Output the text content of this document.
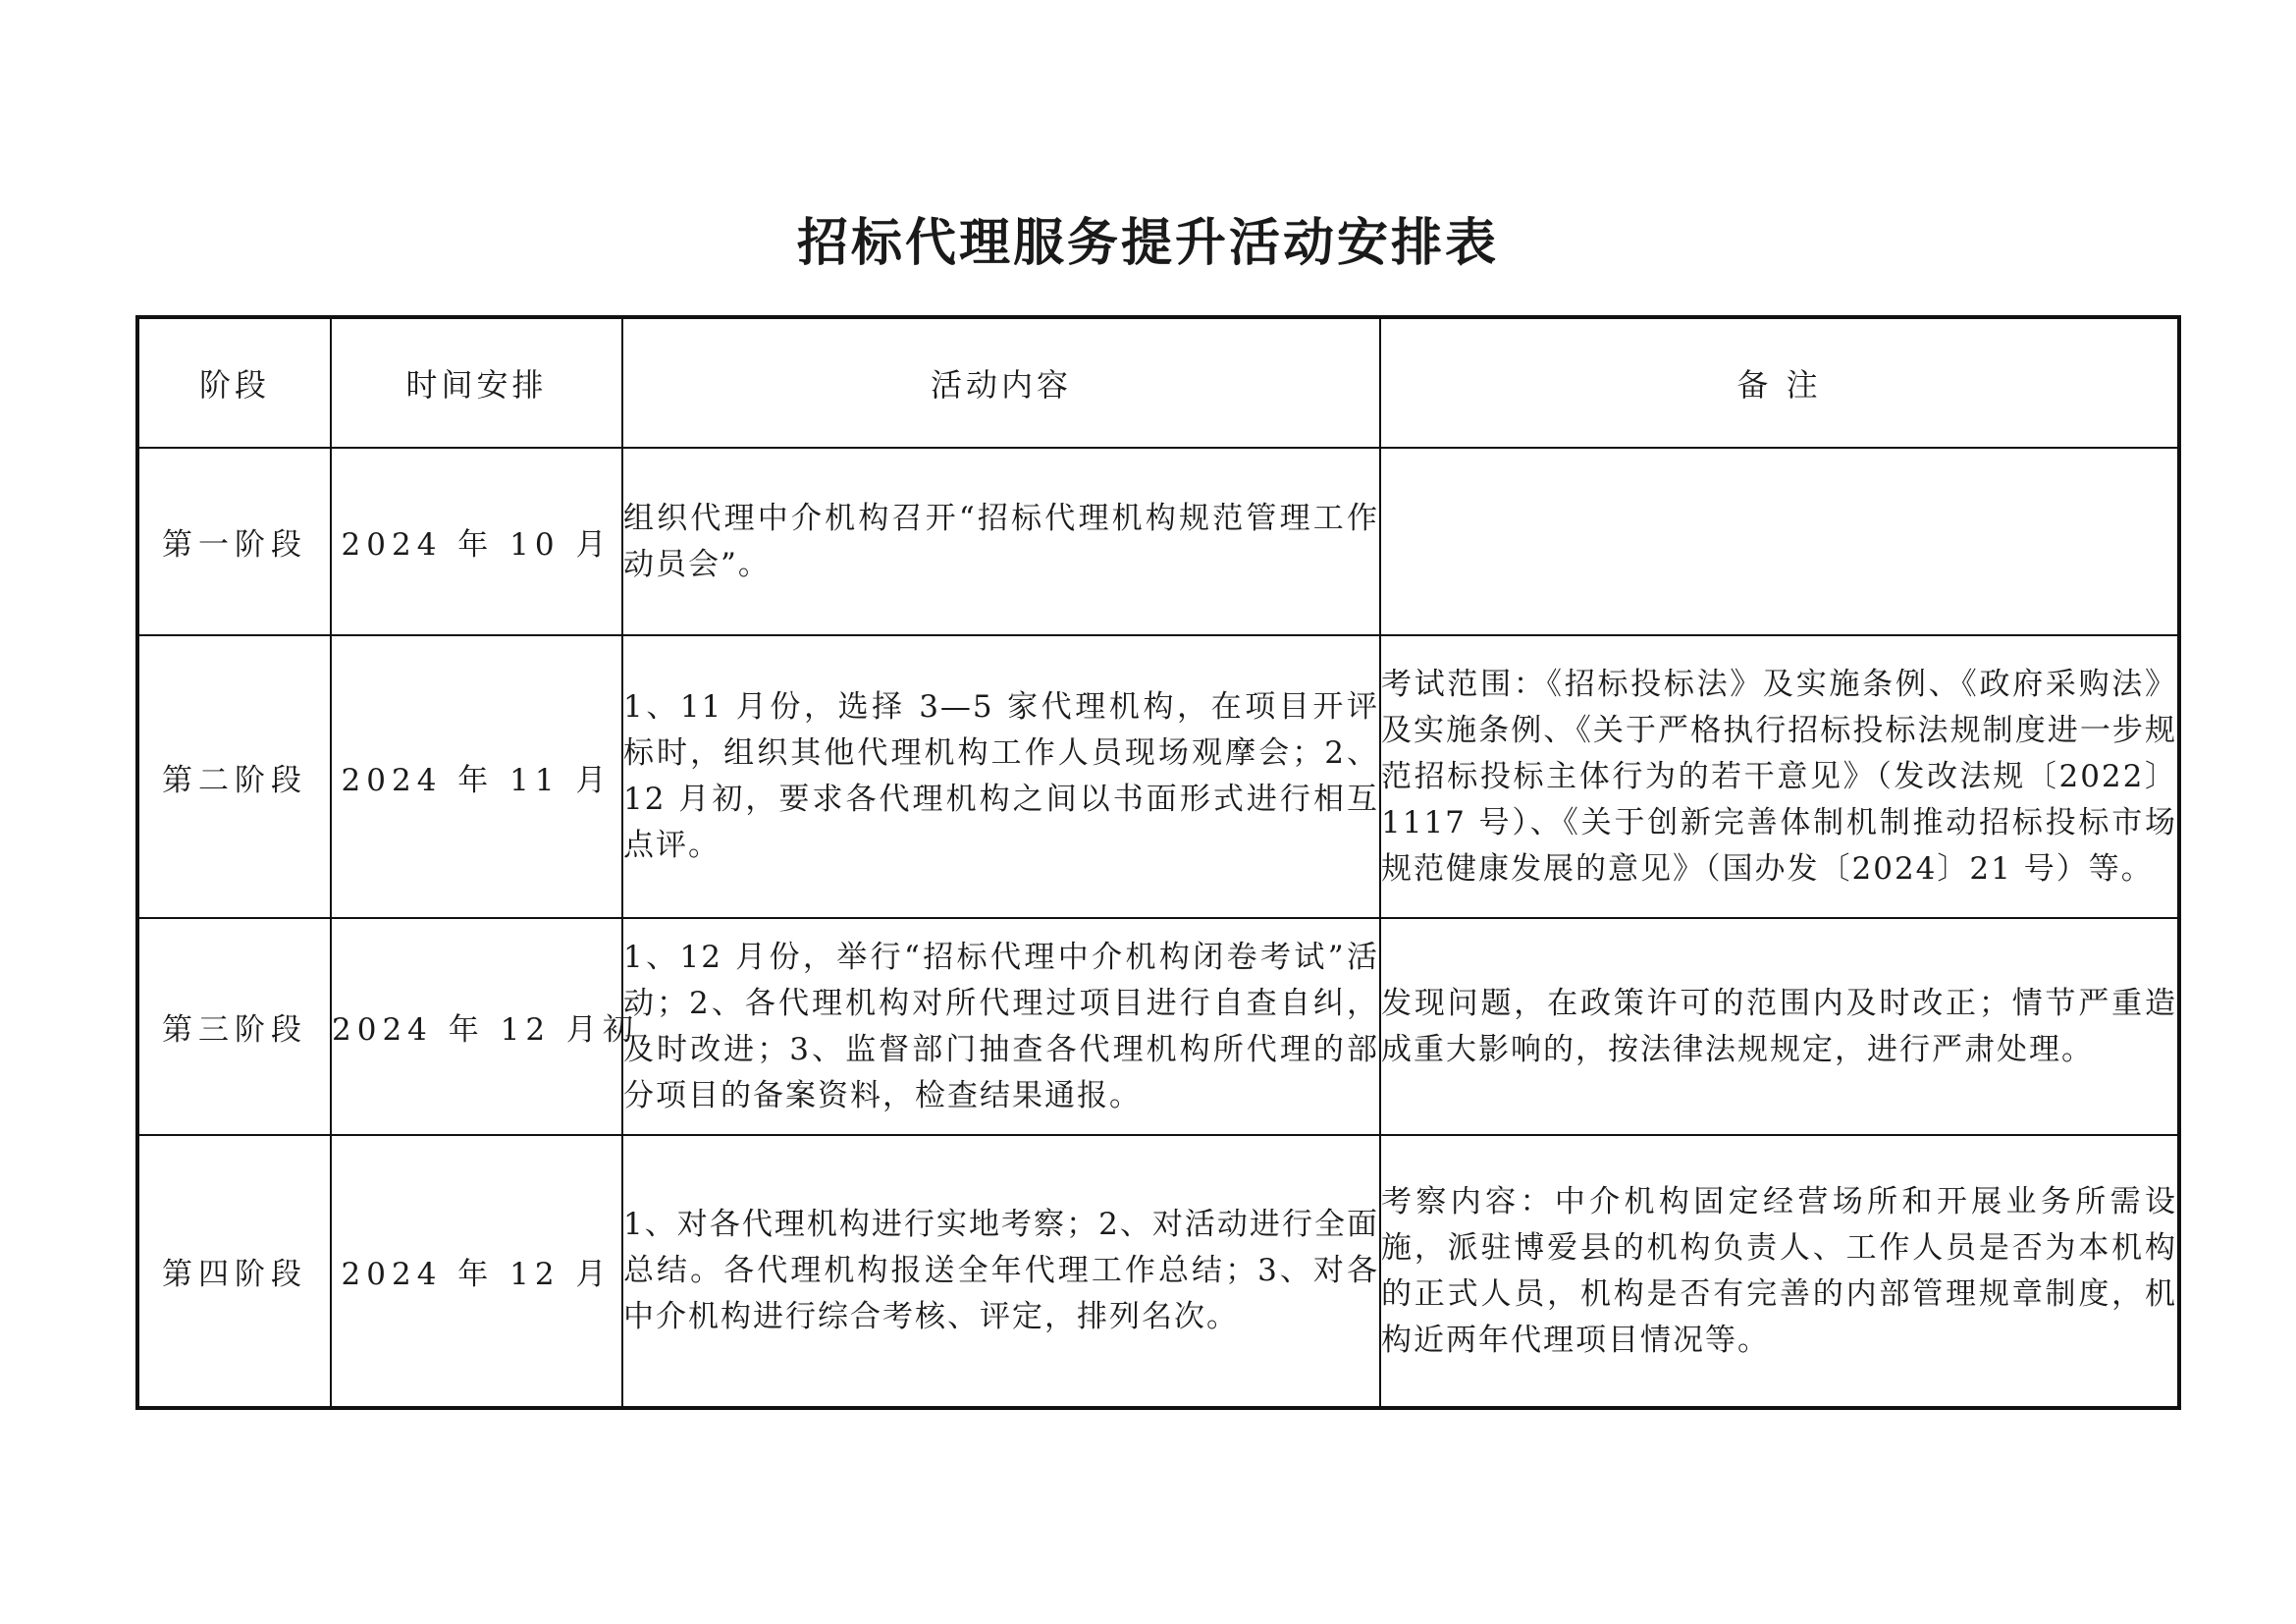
招标代理服务提升活动安排表
阶段	时间安排	活动内容	备 注
第一阶段	2024 年 10 月	组织代理中介机构召开“招标代理机构规范管理工作动员会”。	
第二阶段	2024 年 11 月	1、11 月份，选择 3—5 家代理机构，在项目开评标时，组织其他代理机构工作人员现场观摩会；2、12 月初，要求各代理机构之间以书面形式进行相互点评。	考试范围：《招标投标法》及实施条例、《政府采购法》及实施条例、《关于严格执行招标投标法规制度进一步规范招标投标主体行为的若干意见》（发改法规〔2022〕1117 号）、《关于创新完善体制机制推动招标投标市场规范健康发展的意见》（国办发〔2024〕21 号）等。
第三阶段	2024 年 12 月初	1、12 月份，举行“招标代理中介机构闭卷考试”活动；2、各代理机构对所代理过项目进行自查自纠，及时改进；3、监督部门抽查各代理机构所代理的部分项目的备案资料，检查结果通报。	发现问题，在政策许可的范围内及时改正；情节严重造成重大影响的，按法律法规规定，进行严肃处理。
第四阶段	2024 年 12 月	1、对各代理机构进行实地考察；2、对活动进行全面总结。各代理机构报送全年代理工作总结；3、对各中介机构进行综合考核、评定，排列名次。	考察内容：中介机构固定经营场所和开展业务所需设施，派驻博爱县的机构负责人、工作人员是否为本机构的正式人员，机构是否有完善的内部管理规章制度，机构近两年代理项目情况等。
